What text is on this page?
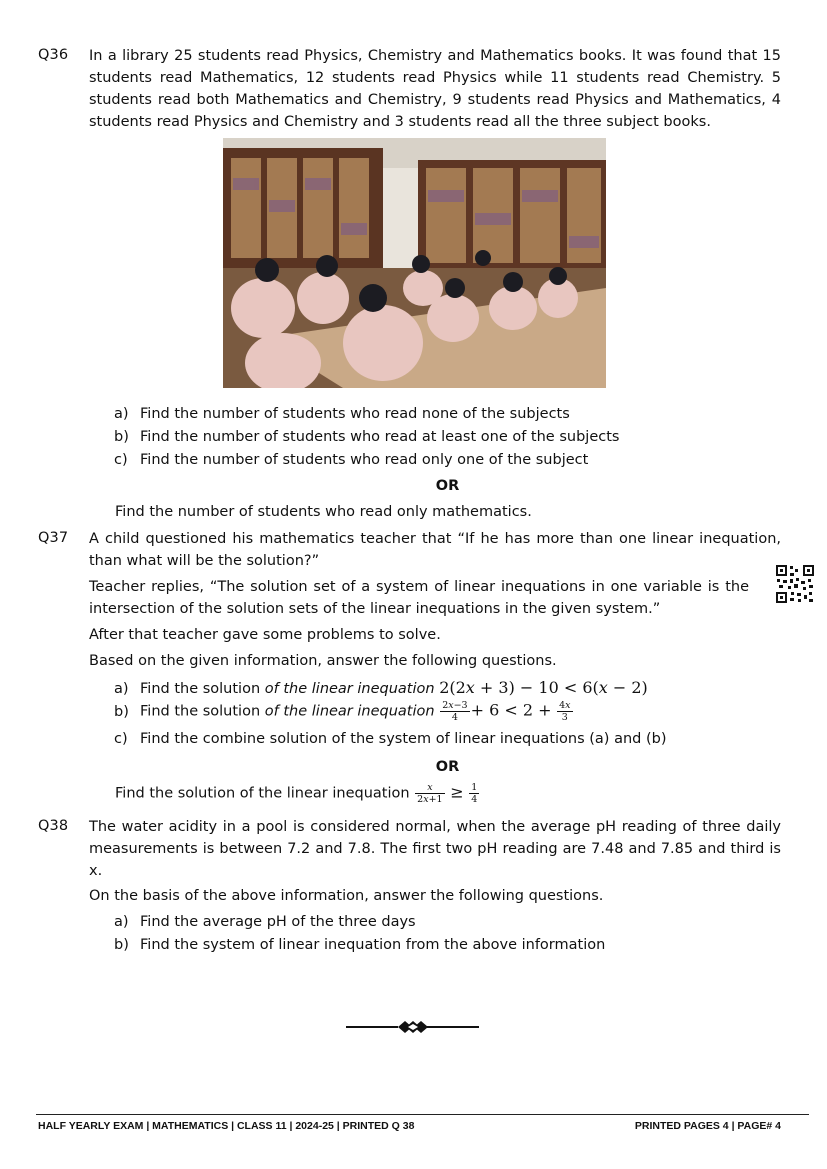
Q36 In a library 25 students read Physics, Chemistry and Mathematics books. It was found that 15 students read Mathematics, 12 students read Physics while 11 students read Chemistry. 5 students read both Mathematics and Chemistry, 9 students read Physics and Mathematics, 4 students read Physics and Chemistry and 3 students read all the three subject books.
a) Find the number of students who read none of the subjects
b) Find the number of students who read at least one of the subjects
c) Find the number of students who read only one of the subject
OR
Find the number of students who read only mathematics.
Q37 A child questioned his mathematics teacher that “If he has more than one linear inequation, than what will be the solution?”
Teacher replies, “The solution set of a system of linear inequations in one variable is the intersection of the solution sets of the linear inequations in the given system.”
After that teacher gave some problems to solve.
Based on the given information, answer the following questions.
a) Find the solution of the linear inequation 2(2𝑥 + 3) − 10 < 6(𝑥 − 2)
b) Find the solution of the linear inequation $\frac{\text{2𝑥−3}}{4} + 6 < 2 + \frac{\text{4𝑥}}{3}$
c) Find the combine solution of the system of linear inequations (a) and (b)
OR
Find the solution of the linear inequation $\frac{\text{𝑥}}{\text{2𝑥+1}} \ge \frac{1}{4}$
Q38 The water acidity in a pool is considered normal, when the average pH reading of three daily measurements is between 7.2 and 7.8. The first two pH reading are 7.48 and 7.85 and third is x.
On the basis of the above information, answer the following questions.
a) Find the average pH of the three days
b) Find the system of linear inequation from the above information
HALF YEARLY EXAM | MATHEMATICS | CLASS 11 | 2024-25 | PRINTED Q 38	PRINTED PAGES 4 | PAGE# 4
